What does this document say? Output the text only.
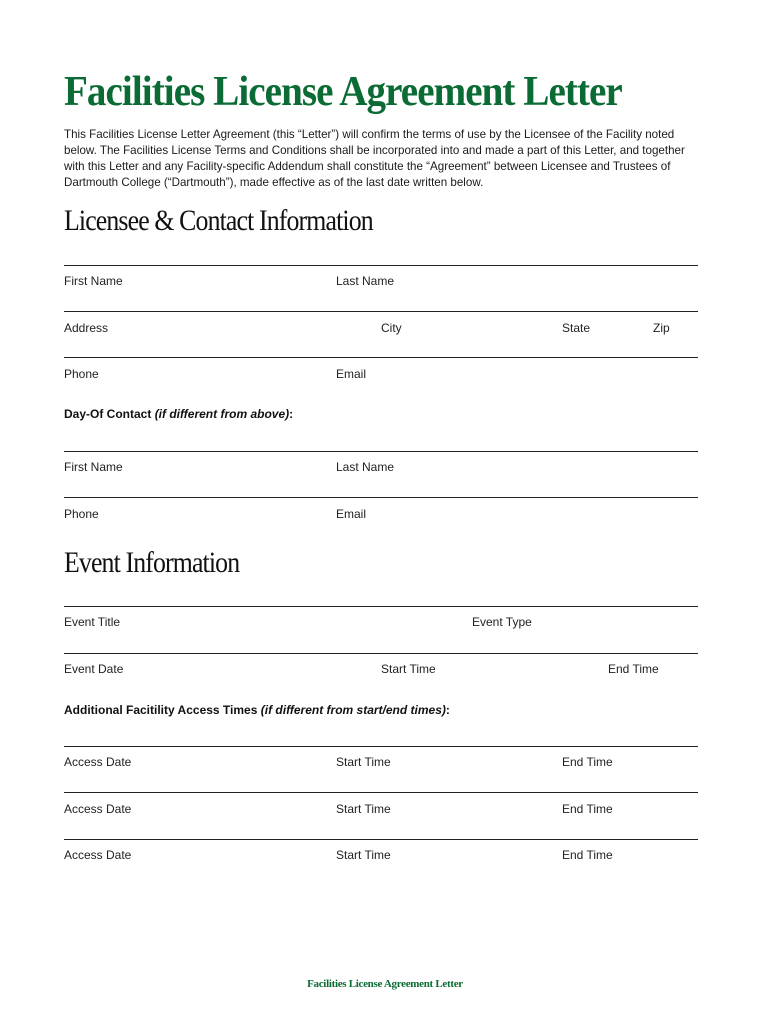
Facilities License Agreement Letter

This Facilities License Letter Agreement (this “Letter”) will confirm the terms of use by the Licensee of the Facility noted below. The Facilities License Terms and Conditions shall be incorporated into and made a part of this Letter, and together with this Letter and any Facility-specific Addendum shall constitute the “Agreement” between Licensee and Trustees of Dartmouth College (“Dartmouth”), made effective as of the last date written below.

Licensee & Contact Information
First Name	Last Name
Address	City	State	Zip
Phone	Email
Day-Of Contact (if different from above):
First Name	Last Name
Phone	Email
Event Information
Event Title	Event Type
Event Date	Start Time	End Time
Additional Facitility Access Times (if different from start/end times):
Access Date	Start Time	End Time
Access Date	Start Time	End Time
Access Date	Start Time	End Time
Facilities License Agreement Letter
